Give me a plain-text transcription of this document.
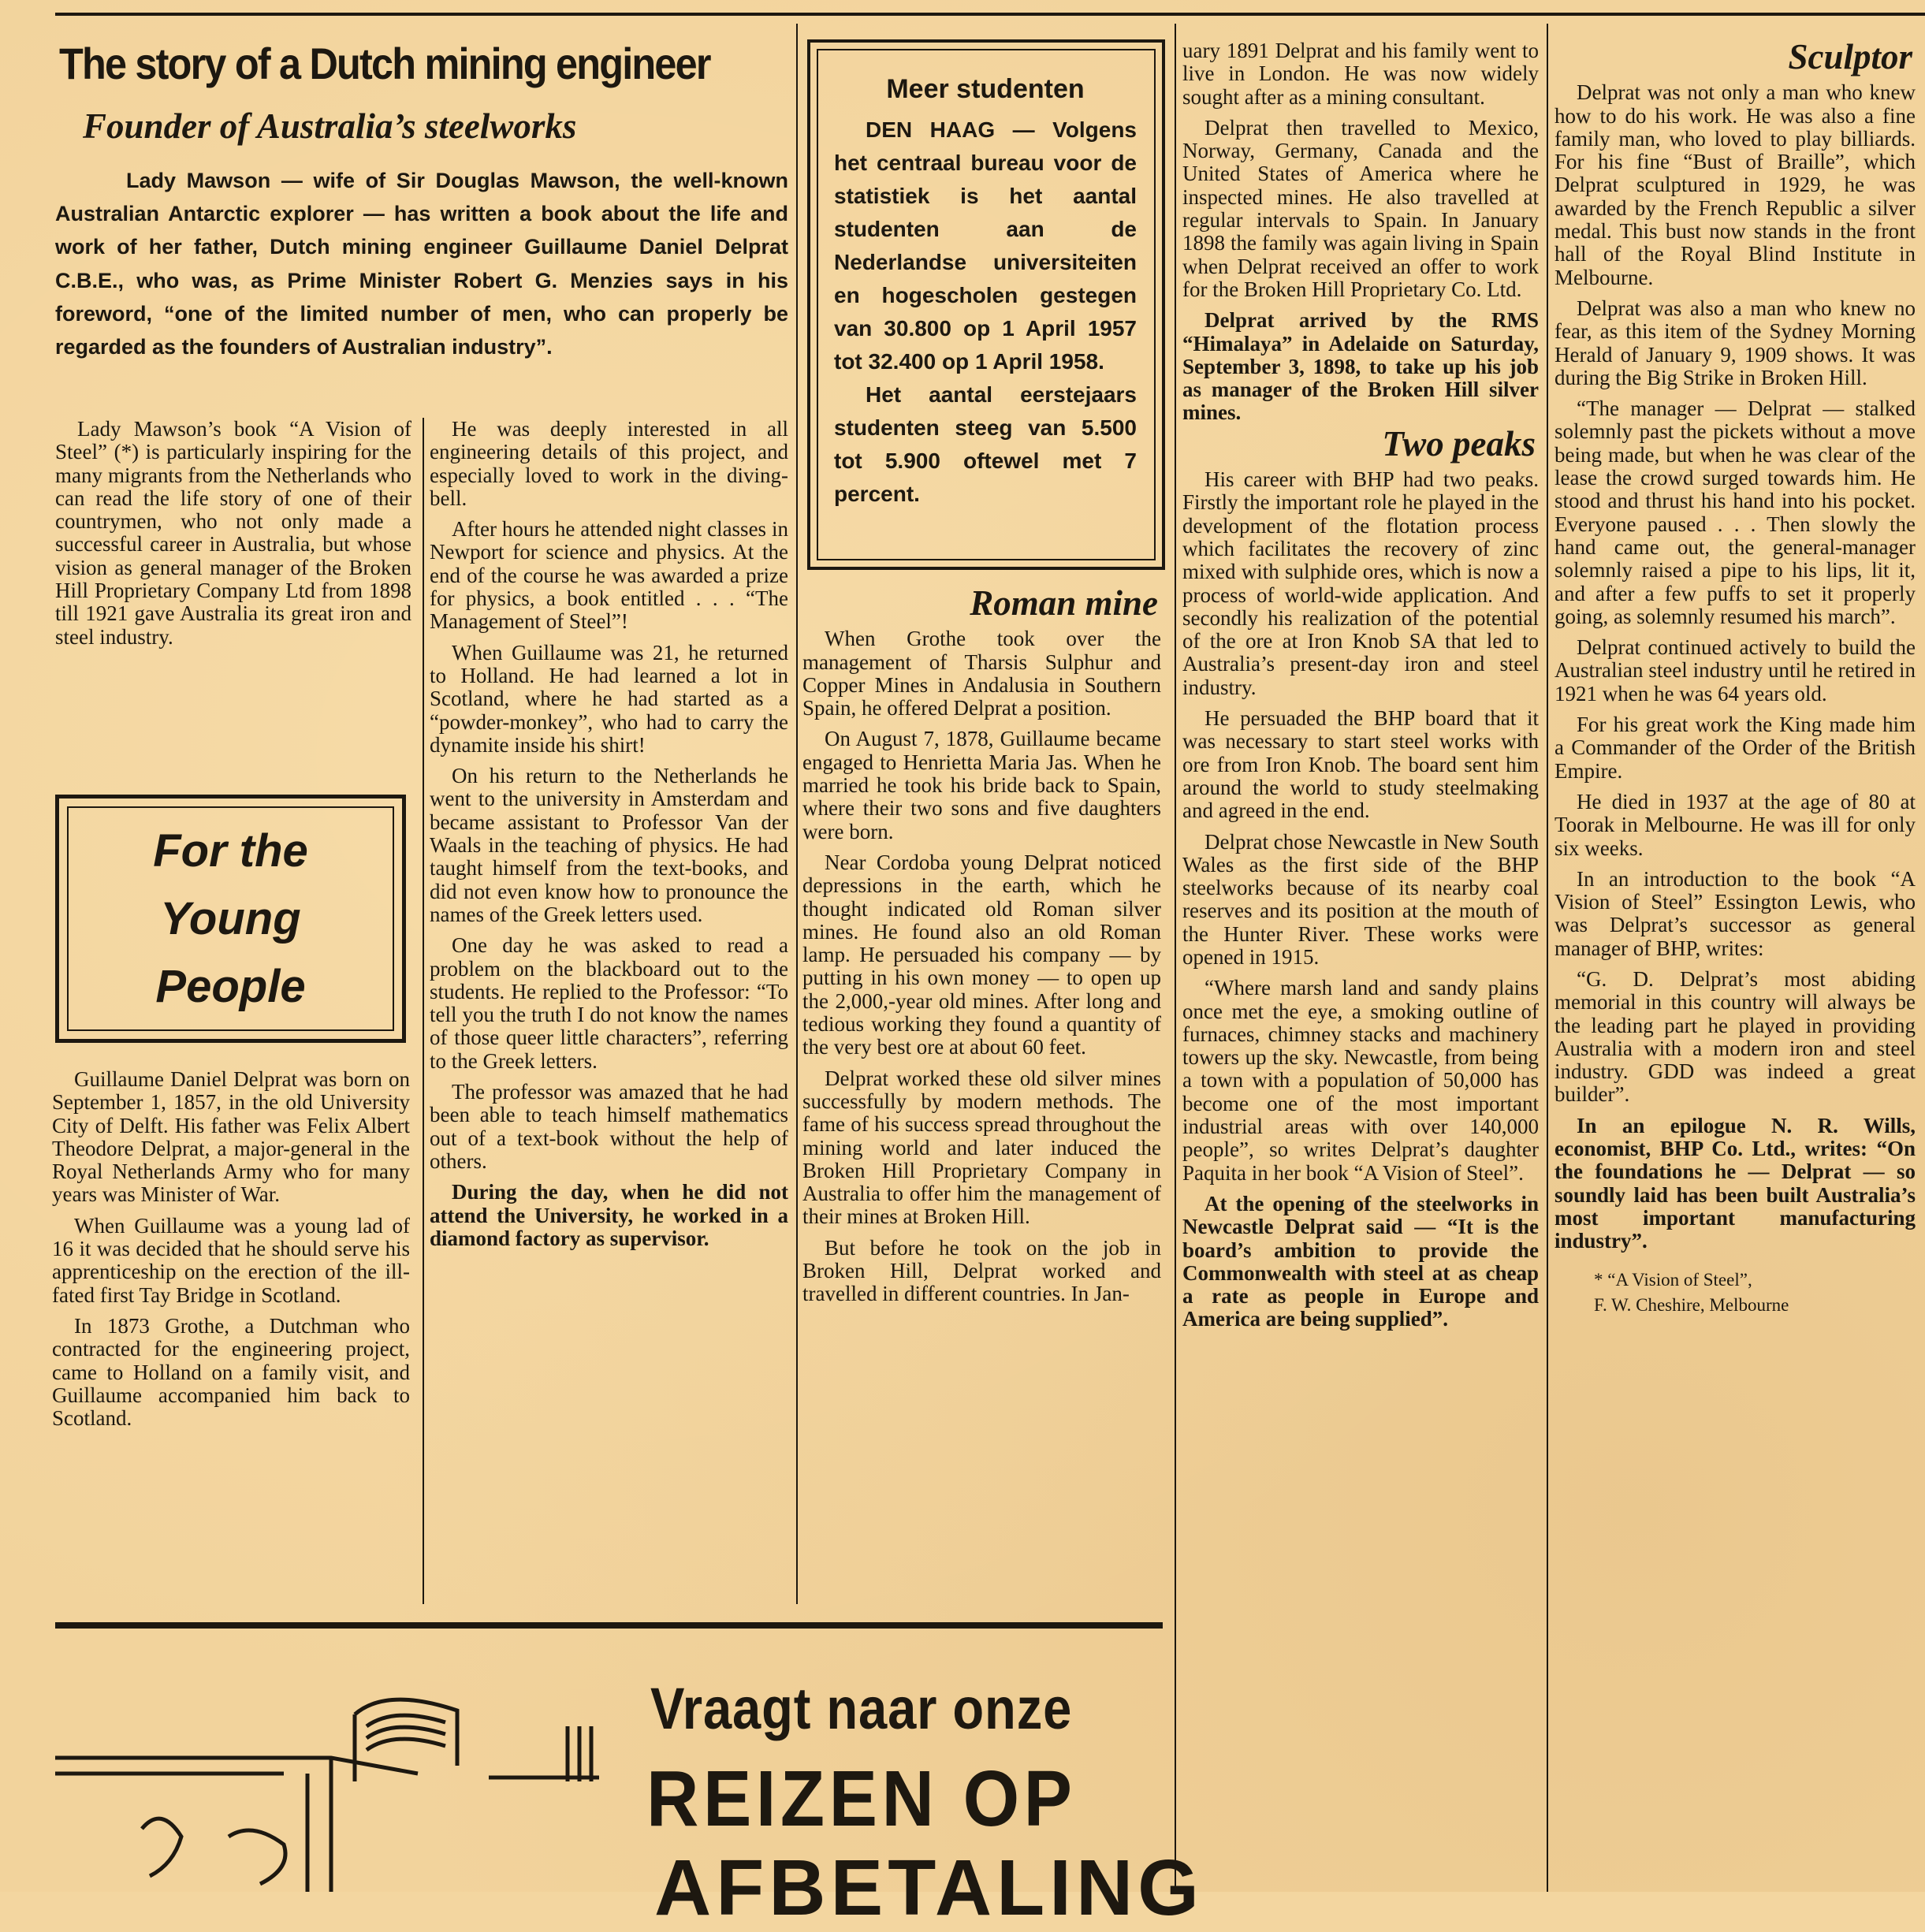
The story of a Dutch mining engineer
Founder of Australia’s steelworks

Lady Mawson — wife of Sir Douglas Mawson, the well-known Australian Antarctic explorer — has written a book about the life and work of her father, Dutch mining engineer Guillaume Daniel Delprat C.B.E., who was, as Prime Minister Robert G. Menzies says in his foreword, “one of the limited number of men, who can properly be regarded as the founders of Australian industry”.

Lady Mawson’s book “A Vision of Steel” (*) is particularly inspiring for the many migrants from the Netherlands who can read the life story of one of their countrymen, who not only made a successful career in Australia, but whose vision as general manager of the Broken Hill Proprietary Company Ltd from 1898 till 1921 gave Australia its great iron and steel industry.

For the
Young
People

Guillaume Daniel Delprat was born on September 1, 1857, in the old University City of Delft. His father was Felix Albert Theodore Delprat, a major-general in the Royal Netherlands Army who for many years was Minister of War.

When Guillaume was a young lad of 16 it was decided that he should serve his apprenticeship on the erection of the ill-fated first Tay Bridge in Scotland.

In 1873 Grothe, a Dutchman who contracted for the engineering project, came to Holland on a family visit, and Guillaume accompanied him back to Scotland.

He was deeply interested in all engineering details of this project, and especially loved to work in the diving-bell.

After hours he attended night classes in Newport for science and physics. At the end of the course he was awarded a prize for physics, a book entitled . . . “The Management of Steel”!

When Guillaume was 21, he returned to Holland. He had learned a lot in Scotland, where he had started as a “powder-monkey”, who had to carry the dynamite inside his shirt!

On his return to the Netherlands he went to the university in Amsterdam and became assistant to Professor Van der Waals in the teaching of physics. He had taught himself from the text-books, and did not even know how to pronounce the names of the Greek letters used.

One day he was asked to read a problem on the blackboard out to the students. He replied to the Professor: “To tell you the truth I do not know the names of those queer little characters”, referring to the Greek letters.

The professor was amazed that he had been able to teach himself mathematics out of a text-book without the help of others.

During the day, when he did not attend the University, he worked in a diamond factory as supervisor.

Meer studenten

DEN HAAG — Volgens het centraal bureau voor de statistiek is het aantal studenten aan de Nederlandse universiteiten en hogescholen gestegen van 30.800 op 1 April 1957 tot 32.400 op 1 April 1958.

Het aantal eerstejaars studenten steeg van 5.500 tot 5.900 oftewel met 7 percent.

Roman mine

When Grothe took over the management of Tharsis Sulphur and Copper Mines in Andalusia in Southern Spain, he offered Delprat a position.

On August 7, 1878, Guillaume became engaged to Henrietta Maria Jas. When he married he took his bride back to Spain, where their two sons and five daughters were born.

Near Cordoba young Delprat noticed depressions in the earth, which he thought indicated old Roman silver mines. He found also an old Roman lamp. He persuaded his company — by putting in his own money — to open up the 2,000,-year old mines. After long and tedious working they found a quantity of the very best ore at about 60 feet.

Delprat worked these old silver mines successfully by modern methods. The fame of his success spread throughout the mining world and later induced the Broken Hill Proprietary Company in Australia to offer him the management of their mines at Broken Hill.

But before he took on the job in Broken Hill, Delprat worked and travelled in different countries. In Jan-

uary 1891 Delprat and his family went to live in London. He was now widely sought after as a mining consultant.

Delprat then travelled to Mexico, Norway, Germany, Canada and the United States of America where he inspected mines. He also travelled at regular intervals to Spain. In January 1898 the family was again living in Spain when Delprat received an offer to work for the Broken Hill Proprietary Co. Ltd.

Delprat arrived by the RMS “Himalaya” in Adelaide on Saturday, September 3, 1898, to take up his job as manager of the Broken Hill silver mines.

Two peaks

His career with BHP had two peaks. Firstly the important role he played in the development of the flotation process which facilitates the recovery of zinc mixed with sulphide ores, which is now a process of world-wide application. And secondly his realization of the potential of the ore at Iron Knob SA that led to Australia’s present-day iron and steel industry.

He persuaded the BHP board that it was necessary to start steel works with ore from Iron Knob. The board sent him around the world to study steelmaking and agreed in the end.

Delprat chose Newcastle in New South Wales as the first side of the BHP steelworks because of its nearby coal reserves and its position at the mouth of the Hunter River. These works were opened in 1915.

“Where marsh land and sandy plains once met the eye, a smoking outline of furnaces, chimney stacks and machinery towers up the sky. Newcastle, from being a town with a population of 50,000 has become one of the most important industrial areas with over 140,000 people”, so writes Delprat’s daughter Paquita in her book “A Vision of Steel”.

At the opening of the steelworks in Newcastle Delprat said — “It is the board’s ambition to provide the Commonwealth with steel at as cheap a rate as people in Europe and America are being supplied”.

Sculptor

Delprat was not only a man who knew how to do his work. He was also a fine family man, who loved to play billiards. For his fine “Bust of Braille”, which Delprat sculptured in 1929, he was awarded by the French Republic a silver medal. This bust now stands in the front hall of the Royal Blind Institute in Melbourne.

Delprat was also a man who knew no fear, as this item of the Sydney Morning Herald of January 9, 1909 shows. It was during the Big Strike in Broken Hill.

“The manager — Delprat — stalked solemnly past the pickets without a move being made, but when he was clear of the lease the crowd surged towards him. He stood and thrust his hand into his pocket. Everyone paused . . . Then slowly the hand came out, the general-manager solemnly raised a pipe to his lips, lit it, and after a few puffs to set it properly going, as solemnly resumed his march”.

Delprat continued actively to build the Australian steel industry until he retired in 1921 when he was 64 years old.

For his great work the King made him a Commander of the Order of the British Empire.

He died in 1937 at the age of 80 at Toorak in Melbourne. He was ill for only six weeks.

In an introduction to the book “A Vision of Steel” Essington Lewis, who was Delprat’s successor as general manager of BHP, writes:

“G. D. Delprat’s most abiding memorial in this country will always be the leading part he played in providing Australia with a modern iron and steel industry. GDD was indeed a great builder”.

In an epilogue N. R. Wills, economist, BHP Co. Ltd., writes: “On the foundations he — Delprat — so soundly laid has been built Australia’s most important manufacturing industry”.

* “A Vision of Steel”,
F. W. Cheshire, Melbourne
Vraagt naar onze
REIZEN OP
AFBETALING
